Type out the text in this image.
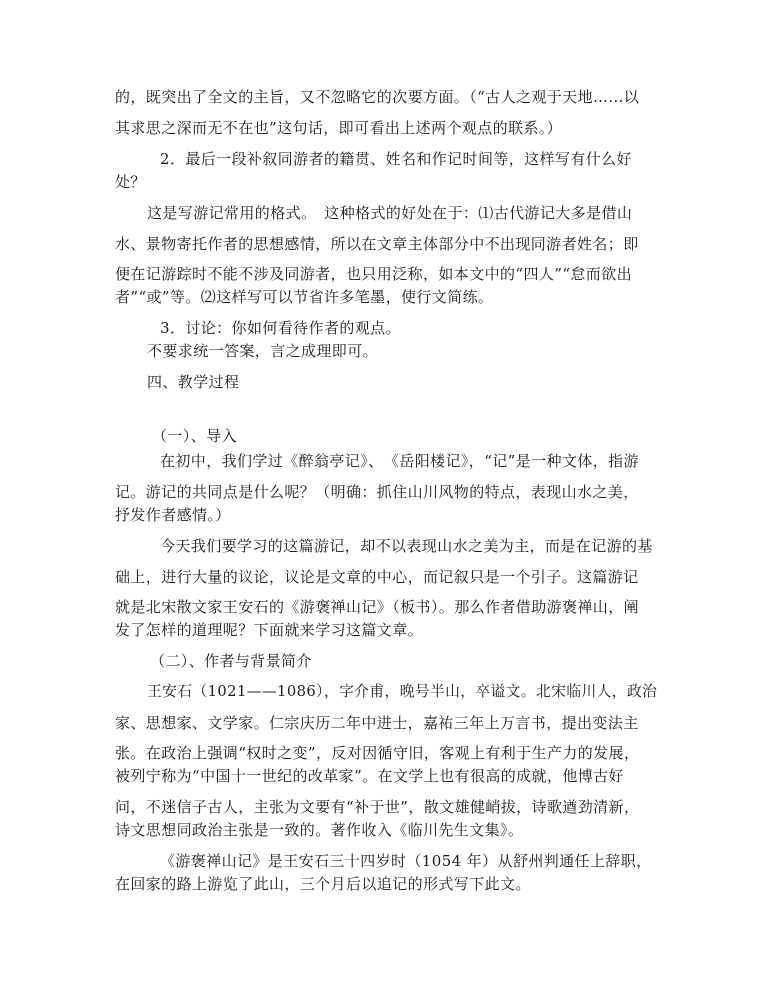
的，既突出了全文的主旨，又不忽略它的次要方面。（“古人之观于天地……以
其求思之深而无不在也”这句话，即可看出上述两个观点的联系。）
2．最后一段补叙同游者的籍贯、姓名和作记时间等，这样写有什么好
处？
这是写游记常用的格式。　这种格式的好处在于：⑴古代游记大多是借山
水、景物寄托作者的思想感情，所以在文章主体部分中不出现同游者姓名；即
便在记游踪时不能不涉及同游者，也只用泛称，如本文中的“四人”“怠而欲出
者”“或”等。⑵这样写可以节省许多笔墨，使行文简练。
3．讨论：你如何看待作者的观点。
不要求统一答案，言之成理即可。
四、教学过程
（一）、导入
在初中，我们学过《醉翁亭记》、　《岳阳楼记》，“记”是一种文体，指游
记。游记的共同点是什么呢？（明确：抓住山川风物的特点，表现山水之美，
抒发作者感情。）
今天我们要学习的这篇游记，却不以表现山水之美为主，而是在记游的基
础上，进行大量的议论，议论是文章的中心，而记叙只是一个引子。这篇游记
就是北宋散文家王安石的《游褒禅山记》（板书）。那么作者借助游褒禅山，阐
发了怎样的道理呢？下面就来学习这篇文章。
（二）、作者与背景简介
王安石（1021——1086），字介甫，晚号半山，卒谥文。北宋临川人，政治
家、思想家、文学家。仁宗庆历二年中进士，嘉祐三年上万言书，提出变法主
张。在政治上强调“权时之变”，反对因循守旧，客观上有利于生产力的发展，
被列宁称为“中国十一世纪的改革家”。在文学上也有很高的成就，他博古好
问，不迷信子古人，主张为文要有“补于世”，散文雄健峭拔，诗歌遒劲清新，
诗文思想同政治主张是一致的。著作收入《临川先生文集》。
《游褒禅山记》是王安石三十四岁时（1054 年）从舒州判通任上辞职，
在回家的路上游览了此山，三个月后以追记的形式写下此文。
